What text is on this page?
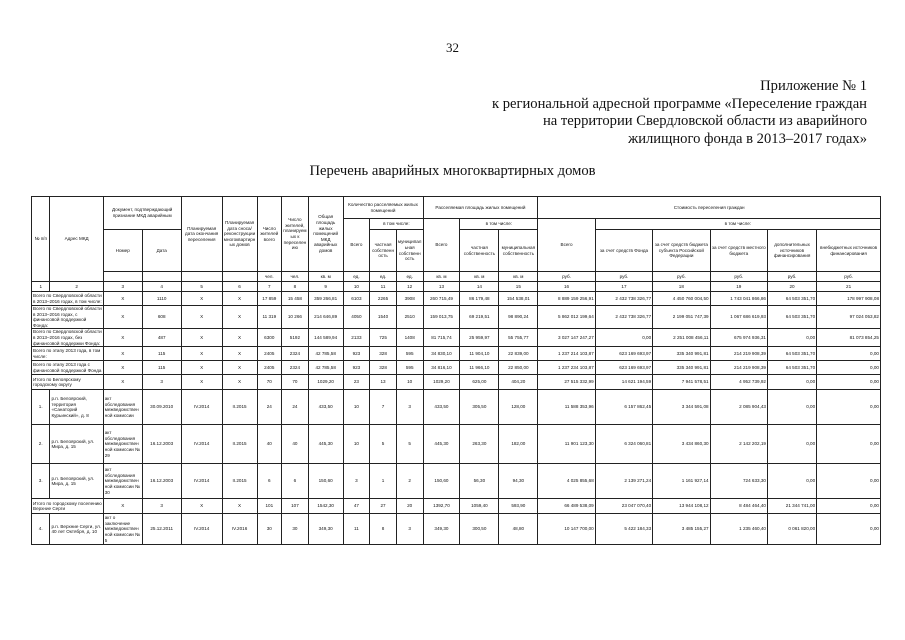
32
Приложение № 1
к региональной адресной программе «Переселение граждан
на территории Свердловской области из аварийного
жилищного фонда в 2013–2017 годах»
Перечень аварийных многоквартирных домов
№ п/п	Адрес МКД	Документ, подтверждающий признание МКД аварийным		Планируемая дата окончания переселения	Планируемая дата сноса/реконструкции многоквартирных домов	Число жителей всего	Число жителей, планируемых к переселению	Общая площадь жилых помещений МКД аварийных домов	Количество расселяемых жилых помещений			Расселяемая площадь жилых помещений			Стоимость переселения граждан					
									Всего	в том числе:		Всего	в том числе:		Всего	в том числе:				
		Номер	Дата							частная собственность	муниципальная собственность		частная собственность	муниципальная собственность		за счет средств Фонда	за счет средств бюджета субъекта Российской Федерации	за счет средств местного бюджета	дополнительных источников финансирования	внебюджетных источников финансирования
						чел.	чел.	кв. м	ед.	ед.	ед.	кв. м	кв. м	кв. м	руб.	руб.	руб.	руб.	руб.	руб.
1	2	3	4	5	6	7	8	9	10	11	12	13	14	15	16	17	18	19	20	21
Всего по Свердловской области в 2013–2016 годах, в том числе:		X	1110	X	X	17 859	15 458	359 266,81	6103	2265	3908	260 715,49	86 179,48	154 538,01	8 889 159 256,91	2 432 738 326,77	4 450 760 004,50	1 743 041 866,86	64 503 351,70	178 997 908,08
Всего по Свердловской области в 2013–2016 годах, с финансовой поддержкой Фонда:		X	608	X	X	11 319	10 266	214 646,89	4050	1540	2510	159 013,75	69 219,51	98 890,24	5 862 012 199,64	2 432 738 326,77	2 199 051 747,39	1 067 686 619,93	64 503 351,70	97 024 053,82
Всего по Свердловской области в 2013–2016 годах, без финансовой поддержки Фонда:		X	487	X	X	6300	5192	144 589,94	2133	725	1408	81 715,74	25 959,97	55 755,77	3 027 147 247,27	0,00	2 251 008 456,11	675 974 936,31	0,00	81 073 854,25
Всего по этапу 2013 года, в том числе:		X	115	X	X	2405	2324	42 785,58	923	328	595	34 830,10	11 904,10	22 839,00	1 237 214 103,87	623 169 693,97	335 340 991,81	214 219 908,39	64 503 351,70	0,00
Всего по этапу 2013 года с финансовой поддержкой Фонда		X	115	X	X	2405	2324	42 785,58	923	328	595	34 816,10	11 966,10	22 850,00	1 237 234 103,87	623 169 693,97	335 340 991,81	214 219 908,39	64 503 351,70	0,00
Итого по Белоярскому городскому округу		X	3	X	X	70	70	1029,20	23	13	10	1029,20	625,00	404,20	27 515 332,99	14 621 194,59	7 941 578,51	4 952 739,92	0,00	0,00
1.	р.п. Белоярский, территория «Санаторий Курьинский», д. 8	акт обследования межведомственной комиссии	30.09.2010	IV.2014	II.2015	24	24	433,50	10	7	3	433,50	305,50	128,00	11 588 353,96	6 157 862,45	3 344 591,08	2 085 904,43	0,00	0,00
2.	р.п. Белоярский, ул. Мира, д. 15	акт обследования межведомственной комиссии № 29	16.12.2003	IV.2014	II.2015	40	40	445,30	10	5	5	445,30	263,30	182,00	11 901 123,30	6 324 060,81	3 434 860,30	2 142 202,19	0,00	0,00
3.	р.п. Белоярский, ул. Мира, д. 15	акт обследования межведомственной комиссии № 30	16.12.2003	IV.2014	II.2015	6	6	150,60	3	1	2	150,60	56,30	94,30	4 025 855,68	2 139 271,24	1 161 927,14	724 633,30	0,00	0,00
Итого по городскому поселению Верхние Серги		X	3	X	X	101	107	1542,30	47	27	20	1392,70	1059,40	593,90	66 489 538,09	23 047 070,40	13 944 108,12	8 484 464,40	21 344 741,00	0,00
4.	р.п. Верхние Серги, ул. 40 лет Октября, д. 10	акт о заключение межведомственной комиссии № 5	25.12.2011	IV.2014	IV.2016	30	30	349,30	11	8	3	349,30	300,50	48,80	10 147 700,00	5 422 184,33	3 485 155,27	1 235 460,40	0 061 820,00	0,00
